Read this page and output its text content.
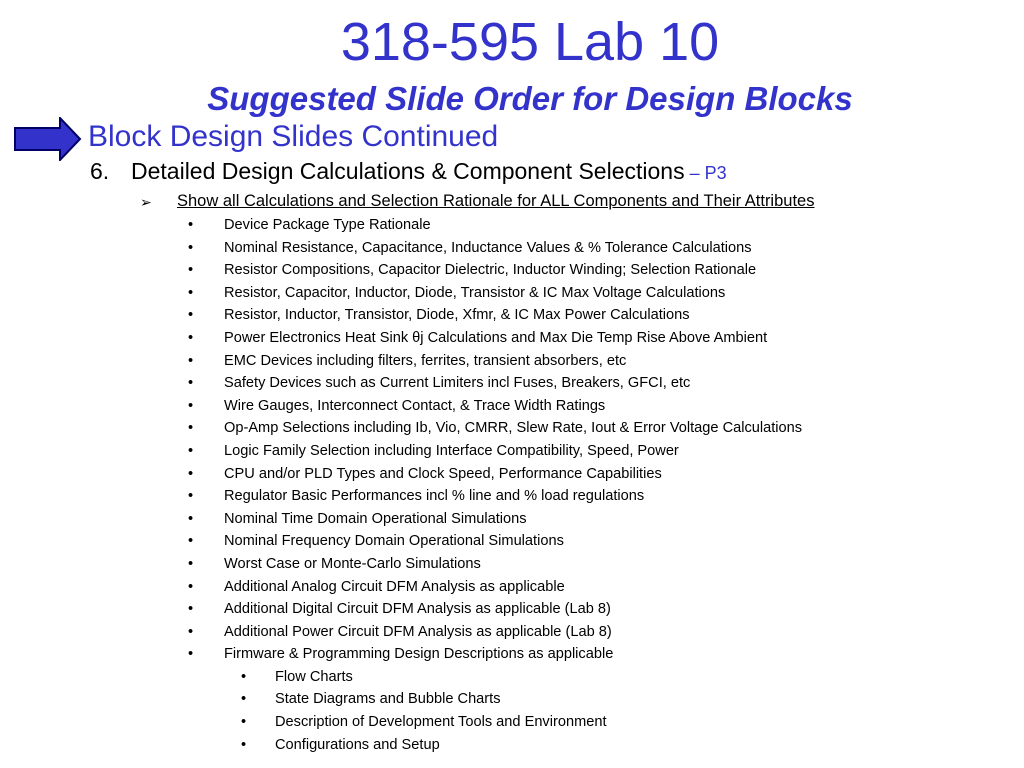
318-595 Lab 10
Suggested Slide Order for Design Blocks
Block Design Slides Continued
6. Detailed Design Calculations & Component Selections – P3
➢ Show all Calculations and Selection Rationale for ALL Components and Their Attributes
• Device Package Type Rationale
• Nominal Resistance, Capacitance, Inductance Values & % Tolerance Calculations
• Resistor Compositions, Capacitor Dielectric, Inductor Winding; Selection Rationale
• Resistor, Capacitor, Inductor, Diode, Transistor & IC Max Voltage Calculations
• Resistor, Inductor, Transistor, Diode, Xfmr, & IC Max Power Calculations
• Power Electronics Heat Sink θj Calculations and Max Die Temp Rise Above Ambient
• EMC Devices including filters, ferrites, transient absorbers, etc
• Safety Devices such as Current Limiters incl Fuses, Breakers, GFCI, etc
• Wire Gauges, Interconnect Contact, & Trace Width Ratings
• Op-Amp Selections including Ib, Vio, CMRR, Slew Rate, Iout & Error Voltage Calculations
• Logic Family Selection including Interface Compatibility, Speed, Power
• CPU and/or PLD Types and Clock Speed, Performance Capabilities
• Regulator Basic Performances incl % line and % load regulations
• Nominal Time Domain Operational Simulations
• Nominal Frequency Domain Operational Simulations
• Worst Case or Monte-Carlo Simulations
• Additional Analog Circuit DFM Analysis as applicable
• Additional Digital Circuit DFM Analysis as applicable (Lab 8)
• Additional Power Circuit DFM Analysis as applicable (Lab 8)
• Firmware & Programming Design Descriptions as applicable
• Flow Charts
• State Diagrams and Bubble Charts
• Description of Development Tools and Environment
• Configurations and Setup
